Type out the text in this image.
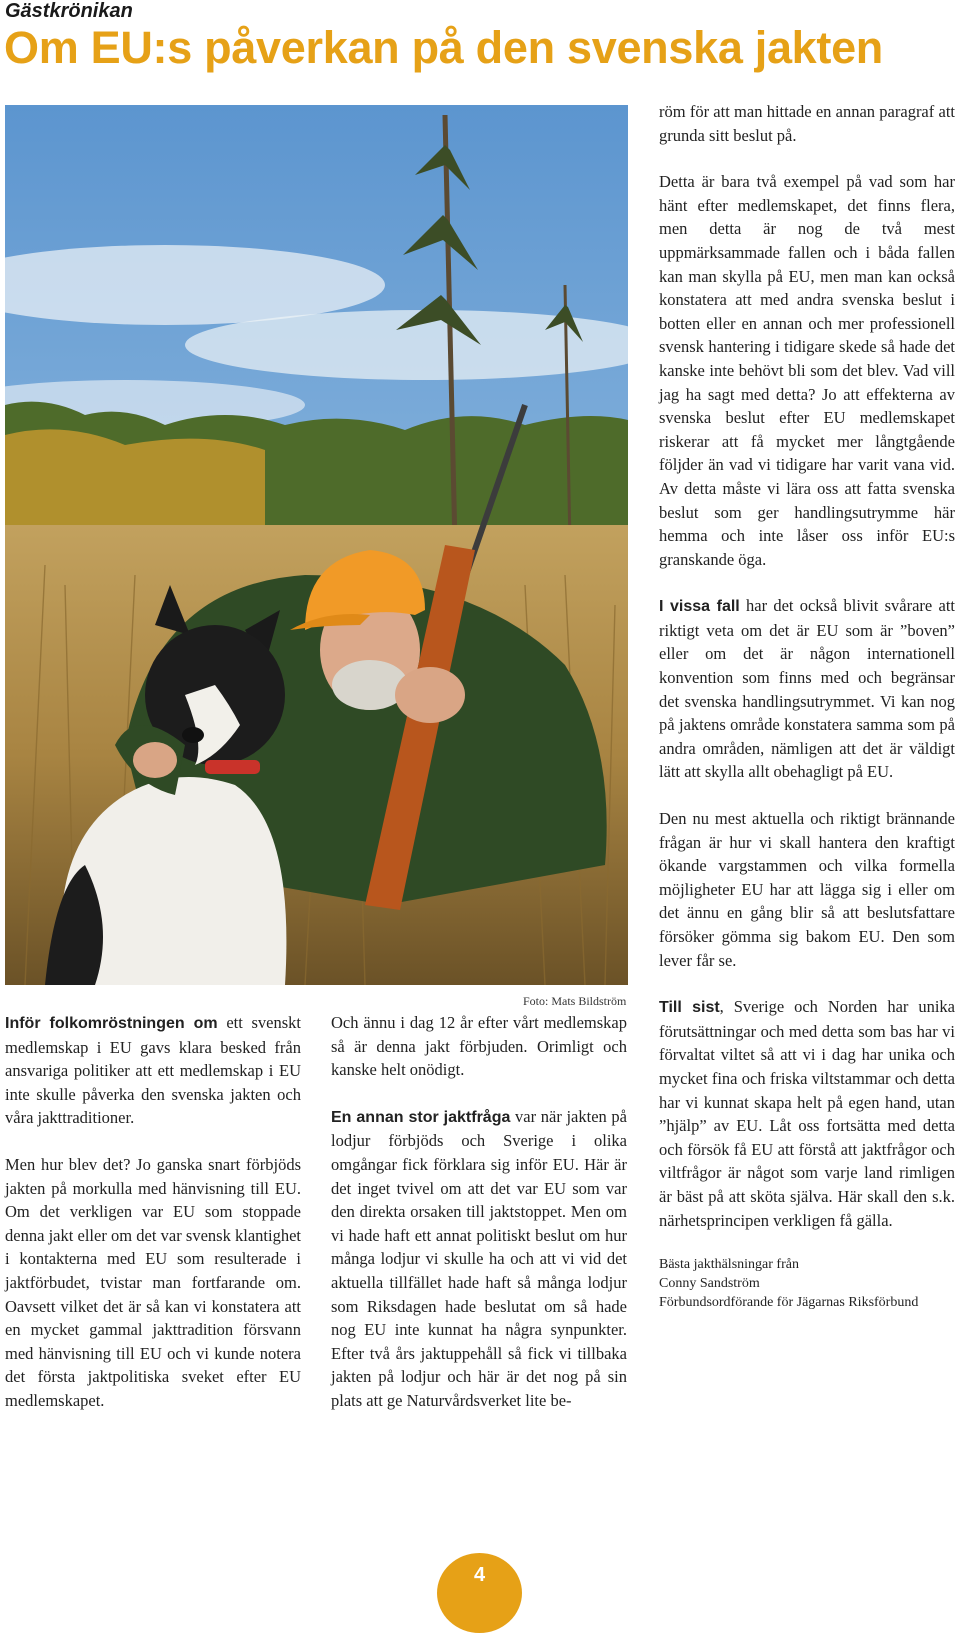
Gästkrönikan
Om EU:s påverkan på den svenska jakten
Foto: Mats Bildström

Inför folkomröstningen om ett svenskt medlemskap i EU gavs klara besked från ansvariga politiker att ett medlemskap i EU inte skulle påverka den svenska jakten och våra jakttraditioner.

Men hur blev det? Jo ganska snart förbjöds jakten på morkulla med hänvisning till EU. Om det verkligen var EU som stoppade denna jakt eller om det var svensk klantighet i kontakterna med EU som resulterade i jaktförbudet, tvistar man fortfarande om. Oavsett vilket det är så kan vi konstatera att en mycket gammal jakttradition försvann med hänvisning till EU och vi kunde notera det första jaktpolitiska sveket efter EU medlemskapet.

Och ännu i dag 12 år efter vårt medlemskap så är denna jakt förbjuden. Orimligt och kanske helt onödigt.

En annan stor jaktfråga var när jakten på lodjur förbjöds och Sverige i olika omgångar fick förklara sig inför EU. Här är det inget tvivel om att det var EU som var den direkta orsaken till jaktstoppet. Men om vi hade haft ett annat politiskt beslut om hur många lodjur vi skulle ha och att vi vid det aktuella tillfället hade haft så många lodjur som Riksdagen hade beslutat om så hade nog EU inte kunnat ha några synpunkter. Efter två års jaktuppehåll så fick vi tillbaka jakten på lodjur och här är det nog på sin plats att ge Naturvårdsverket lite be-

röm för att man hittade en annan paragraf att grunda sitt beslut på.

Detta är bara två exempel på vad som har hänt efter medlemskapet, det finns flera, men detta är nog de två mest uppmärksammade fallen och i båda fallen kan man skylla på EU, men man kan också konstatera att med andra svenska beslut i botten eller en annan och mer professionell svensk hantering i tidigare skede så hade det kanske inte behövt bli som det blev. Vad vill jag ha sagt med detta? Jo att effekterna av svenska beslut efter EU medlemskapet riskerar att få mycket mer långtgående följder än vad vi tidigare har varit vana vid. Av detta måste vi lära oss att fatta svenska beslut som ger handlingsutrymme här hemma och inte låser oss inför EU:s granskande öga.

I vissa fall har det också blivit svårare att riktigt veta om det är EU som är ”boven” eller om det är någon internationell konvention som finns med och begränsar det svenska handlingsutrymmet. Vi kan nog på jaktens område konstatera samma som på andra områden, nämligen att det är väldigt lätt att skylla allt obehagligt på EU.

Den nu mest aktuella och riktigt brännande frågan är hur vi skall hantera den kraftigt ökande vargstammen och vilka formella möjligheter EU har att lägga sig i eller om det ännu en gång blir så att beslutsfattare försöker gömma sig bakom EU. Den som lever får se.

Till sist, Sverige och Norden har unika förutsättningar och med detta som bas har vi förvaltat viltet så att vi i dag har unika och mycket fina och friska viltstammar och detta har vi kunnat skapa helt på egen hand, utan ”hjälp” av EU. Låt oss fortsätta med detta och försök få EU att förstå att jaktfrågor och viltfrågor är något som varje land rimligen är bäst på att sköta själva. Här skall den s.k. närhetsprincipen verkligen få gälla.

Bästa jakthälsningar från
Conny Sandström
Förbundsordförande för Jägarnas Riksförbund
4
